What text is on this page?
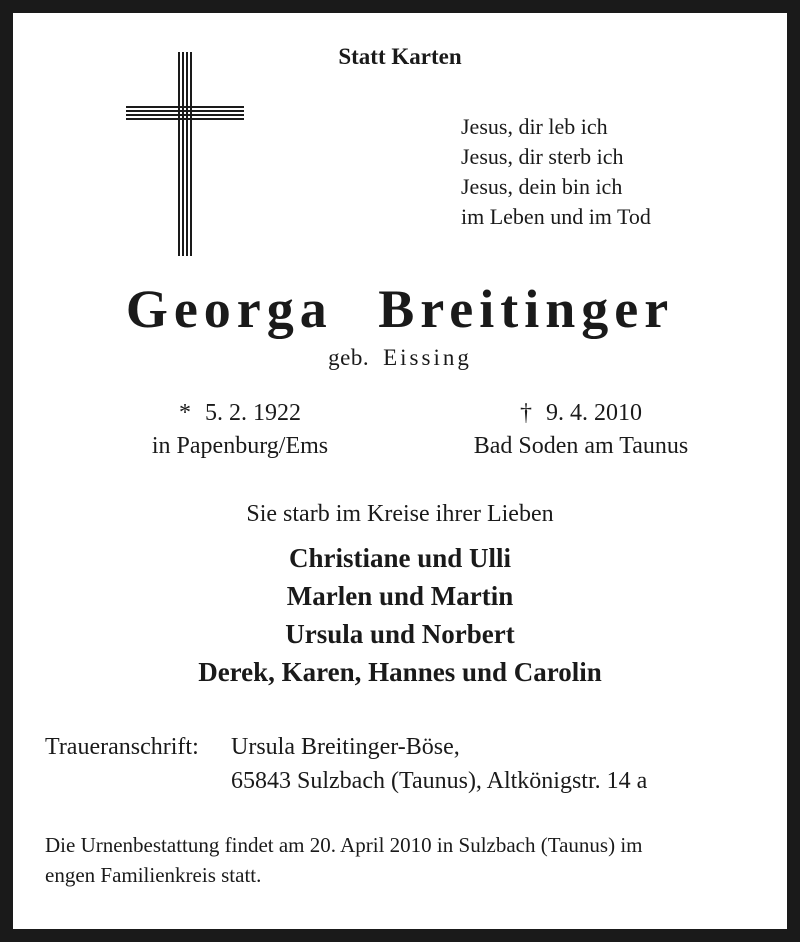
Statt Karten
Jesus, dir leb ich
Jesus, dir sterb ich
Jesus, dein bin ich
im Leben und im Tod
Georga Breitinger
geb. Eissing
* 5. 2. 1922
in Papenburg/Ems
† 9. 4. 2010
Bad Soden am Taunus
Sie starb im Kreise ihrer Lieben
Christiane und Ulli
Marlen und Martin
Ursula und Norbert
Derek, Karen, Hannes und Carolin
Traueranschrift: Ursula Breitinger-Böse,
65843 Sulzbach (Taunus), Altkönigstr. 14 a
Die Urnenbestattung findet am 20. April 2010 in Sulzbach (Taunus) im
engen Familienkreis statt.
